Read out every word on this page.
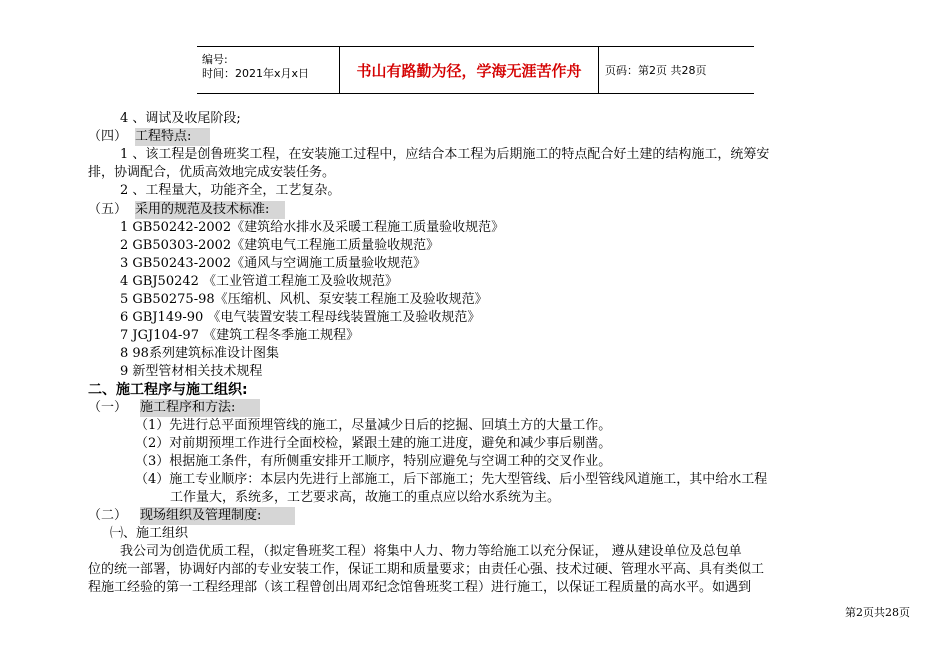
编号:
时间：2021年x月x日	书山有路勤为径，学海无涯苦作舟	页码：第2页 共28页
4 、调试及收尾阶段;
（四） 工程特点:
1 、该工程是创鲁班奖工程，在安装施工过程中，应结合本工程为后期施工的特点配合好土建的结构施工，统筹安
排，协调配合，优质高效地完成安装任务。
2 、工程量大，功能齐全，工艺复杂。
（五） 采用的规范及技术标准:
1 GB50242-2002《建筑给水排水及采暖工程施工质量验收规范》
2 GB50303-2002《建筑电气工程施工质量验收规范》
3 GB50243-2002《通风与空调施工质量验收规范》
4 GBJ50242 《工业管道工程施工及验收规范》
5 GB50275-98《压缩机、风机、泵安装工程施工及验收规范》
6 GBJ149-90 《电气装置安装工程母线装置施工及验收规范》
7 JGJ104-97 《建筑工程冬季施工规程》
8 98系列建筑标准设计图集
9 新型管材相关技术规程
二、施工程序与施工组织:
（一） 施工程序和方法:
（1）先进行总平面预埋管线的施工，尽量减少日后的挖掘、回填土方的大量工作。
（2）对前期预埋工作进行全面校检，紧跟土建的施工进度，避免和减少事后剔凿。
（3）根据施工条件，有所侧重安排开工顺序，特别应避免与空调工种的交叉作业。
（4）施工专业顺序：本层内先进行上部施工，后下部施工；先大型管线、后小型管线风道施工，其中给水工程
工作量大，系统多，工艺要求高，故施工的重点应以给水系统为主。
（二） 现场组织及管理制度:
㈠、施工组织
我公司为创造优质工程，（拟定鲁班奖工程）将集中人力、物力等给施工以充分保证， 遵从建设单位及总包单
位的统一部署，协调好内部的专业安装工作，保证工期和质量要求；由责任心强、技术过硬、管理水平高、具有类似工
程施工经验的第一工程经理部（该工程曾创出周邓纪念馆鲁班奖工程）进行施工，以保证工程质量的高水平。如遇到
第2页共28页
